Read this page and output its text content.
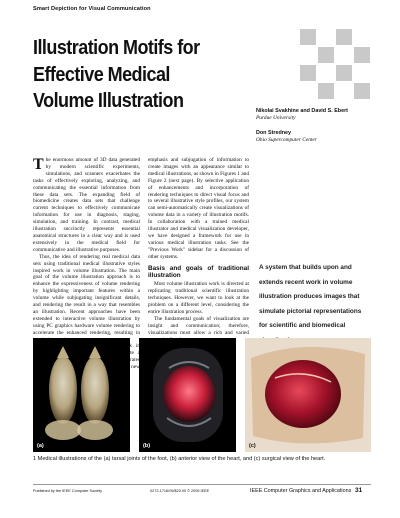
Smart Depiction for Visual Communication
Illustration Motifs for Effective Medical Volume Illustration	Nikolai Svakhine and David S. Ebert
Purdue University
Don Stredney
Ohio Supercomputer Center

The enormous amount of 3D data generated by modern scientific experiments, simulations, and scanners exacerbates the tasks of effectively exploring, analyzing, and communicating the essential information from these data sets. The expanding field of biomedicine creates data sets that challenge current techniques to effectively communicate information for use in diagnosis, staging, simulation, and training. In contrast, medical illustration succinctly represents essential anatomical structures in a clear way and is used extensively in the medical field for communicative and illustrative purposes.

Thus, the idea of rendering real medical data sets using traditional medical illustrative styles inspired work in volume illustration. The main goal of the volume illustration approach is to enhance the expressiveness of volume rendering by highlighting important features within a volume while subjugating insignificant details, and rendering the result in a way that resembles an illustration. Recent approaches have been extended to interactive volume illustration by using PC graphics hardware volume rendering to accelerate the enhanced rendering, resulting in

in new

emphasis and subjugation of information to create images with an appearance similar to medical illustrations, as shown in Figures 1 and Figure 2 (next page). By selective application of enhancements and incorporation of rendering techniques to direct visual focus and to several illustrative style profiles, our system can semi-automatically create visualizations of volume data in a variety of illustration motifs. In collaboration with a trained medical illustrator and medical visualization developer, we have designed a framework for use in various medical illustration tasks. See the "Previous Work" sidebar for a discussion of other systems.

Basis and goals of traditional illustration

Most volume illustration work is directed at replicating traditional scientific illustration techniques. However, we want to look at the problem on a different level, considering the entire illustration process.

The fundamental goals of visualization are insight and communication; therefore, visualizations must allow a rich and varied

A system that builds upon and extends recent work in volume illustration produces images that simulate pictorial representations for scientific and biomedical
(a)	(b)	(c)
1 Medical illustrations of the (a) tarsal joints of the foot, (b) anterior view of the heart, and (c) surgical view of the heart.
Published by the IEEE Computer Society	0272-1716/05/$20.00 © 2005 IEEE	IEEE Computer Graphics and Applications 31
